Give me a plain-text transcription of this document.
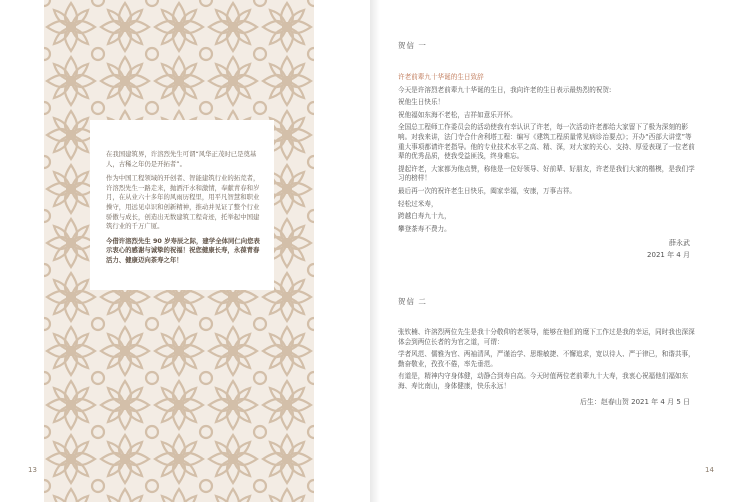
在我国建筑界，许溶烈先生可谓“风华正茂时已是奠基人，古稀之年仍是开拓者”。

作为中国工程领域的开创者、智能建筑行业的拓荒者，许溶烈先生一路走来，抛洒汗水和激情，奉献青春和岁月，在从业六十多年的风雨历程里，用平凡智慧和职业操守，用远见卓识和创新精神，推动并见证了整个行业骄傲与成长，创造出无数建筑工程奇迹，托举起中国建筑行业的千万广厦。

今借许溶烈先生 90 岁寿辰之际，建学全体同仁向您表示衷心的感谢与诚挚的祝福！祝您健康长寿，永葆青春活力、健康迈向茶寿之年！

13
贺信 一

许老前辈九十华诞的生日致辞

今天是许溶烈老前辈九十华诞的生日，我向许老的生日表示最热烈的祝贺:

祝他生日快乐！

祝他福如东海不老松，吉祥如意乐开怀。

全国总工程师工作委员会的活动使我有幸认识了许老，每一次活动许老都给大家留下了极为深刻的影响。对我来讲，法门寺合什舍利塔工程：编写《建筑工程质量常见病诊治要点》；开办“西部大讲堂”等重大事项都请许老指导。他的专业技术水平之高、精、深，对大家的关心、支持、厚爱表现了一位老前辈的优秀品质，使我受益匪浅，终身难忘。

提起许老，大家都为他点赞，称他是一位好领导、好前辈、好朋友，许老是我们大家的楷模，是我们学习的榜样！

最后再一次的祝许老生日快乐，阖家幸福，安康，万事吉祥。

轻松过米寿，

跨越白寿九十九，

攀登茶寿不费力。

薛永武
2021 年 4 月
贺信 二

张钦楠、许溶烈两位先生是我十分敬仰的老领导，能够在他们的麾下工作过是我的幸运，同时我也深深体会到两位长者的为官之道，可谓：

学者风范、儒雅为官、两袖清风，严谨治学、思维敏捷、不懈追求，宽以待人、严于律已，和谐共事，勤奋敬业，孜孜不倦，率先垂范。

有道是，精神内守身体健，动静合到寿自高。今天时值两位老前辈九十大寿，我衷心祝福他们福如东海、寿比南山，身体健康，快乐永远！

后生：赵春山贺 2021 年 4 月 5 日
14
